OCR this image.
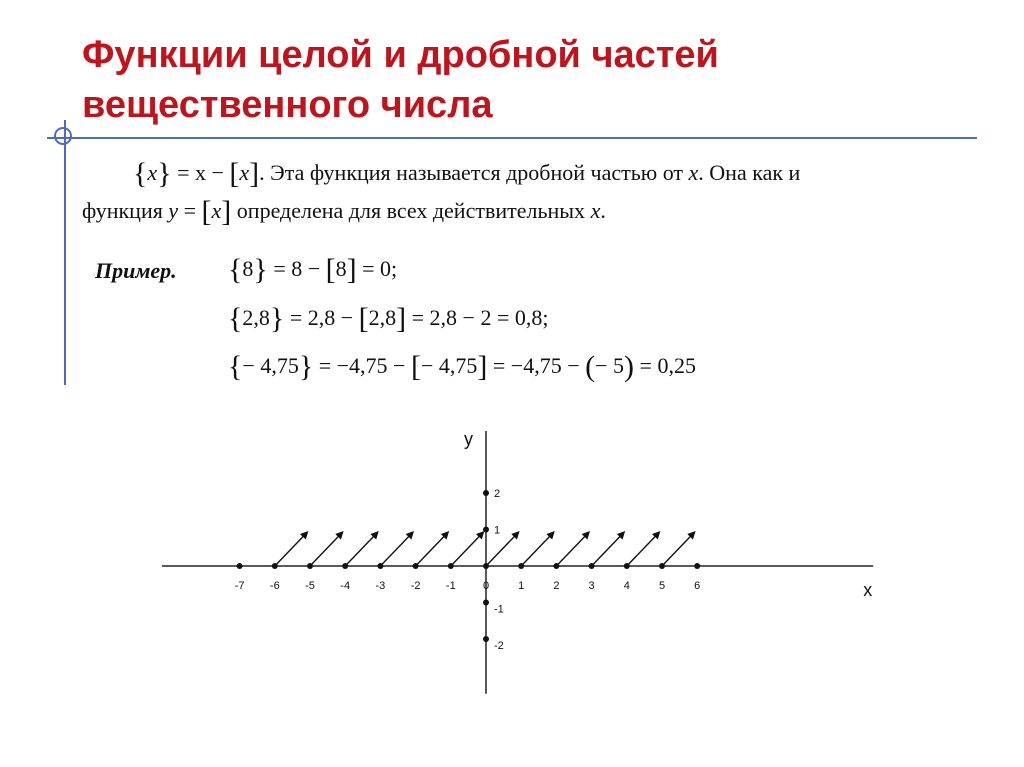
Функции целой и дробной частей
вещественного числа
{x} = x − [x]. Эта функция называется дробной частью от x. Она как и
функция y = [x] определена для всех действительных x.
Пример. {8} = 8 − [8] = 0;
{2,8} = 2,8 − [2,8] = 2,8 − 2 = 0,8;
{− 4,75} = −4,75 − [− 4,75] = −4,75 − (− 5) = 0,25
x
y
-7 -6 -5 -4 -3 -2 -1 0	1	2	3	4	5	6
2
1
-1
-2
